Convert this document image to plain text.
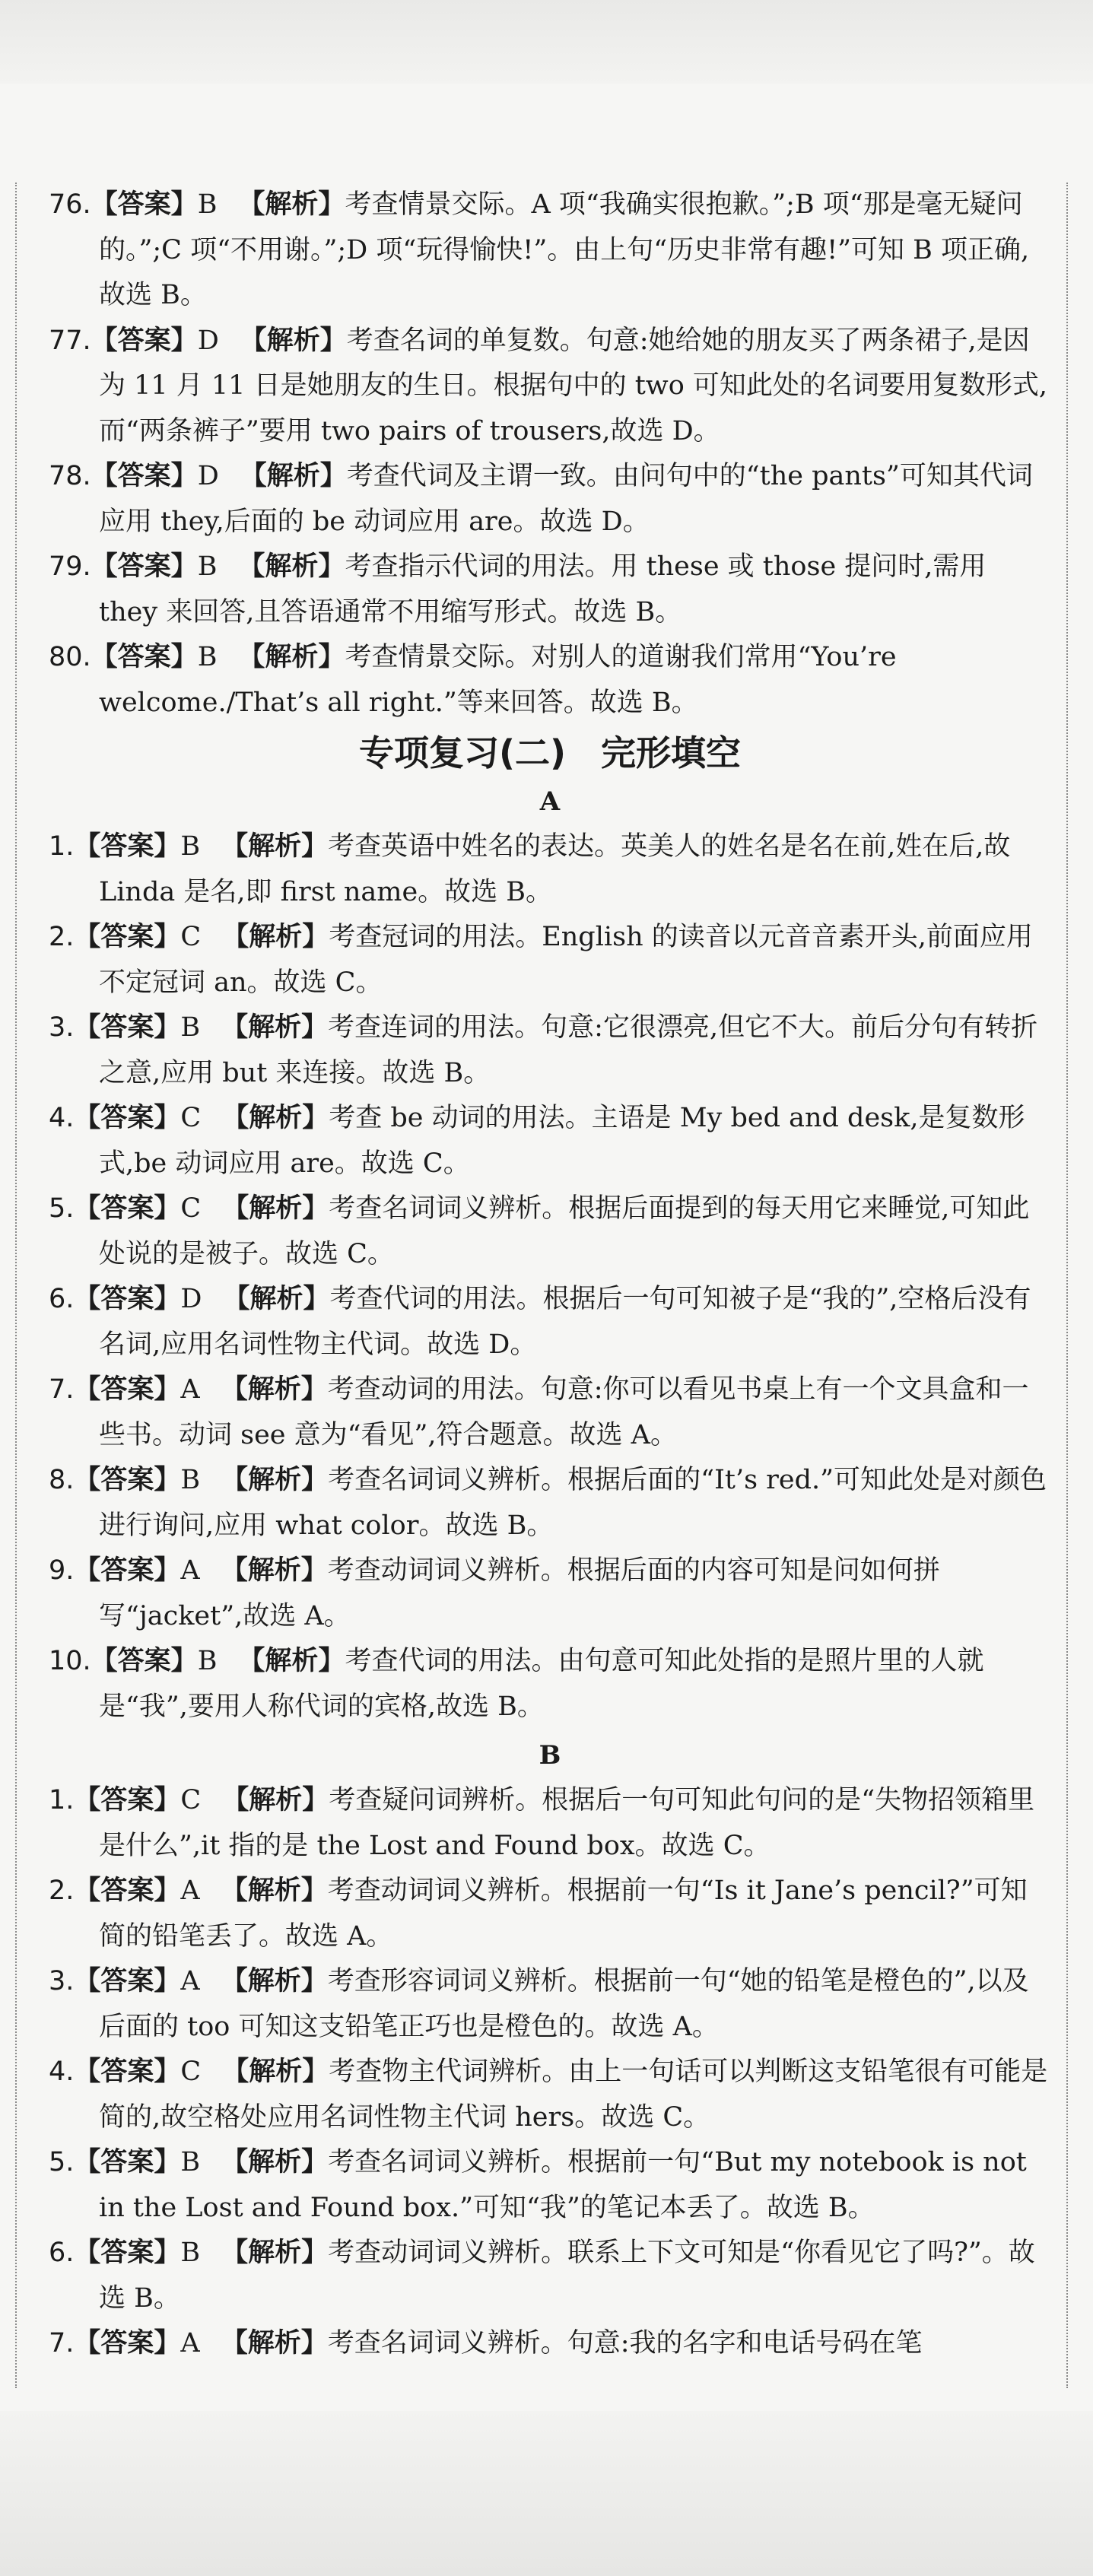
76.【答案】B 【解析】考查情景交际。A 项“我确实很抱歉。”;B 项“那是毫无疑问的。”;C 项“不用谢。”;D 项“玩得愉快!”。由上句“历史非常有趣!”可知 B 项正确,故选 B。
77.【答案】D 【解析】考查名词的单复数。句意:她给她的朋友买了两条裙子,是因为 11 月 11 日是她朋友的生日。根据句中的 two 可知此处的名词要用复数形式,而“两条裤子”要用 two pairs of trousers,故选 D。
78.【答案】D 【解析】考查代词及主谓一致。由问句中的“the pants”可知其代词应用 they,后面的 be 动词应用 are。故选 D。
79.【答案】B 【解析】考查指示代词的用法。用 these 或 those 提问时,需用 they 来回答,且答语通常不用缩写形式。故选 B。
80.【答案】B 【解析】考查情景交际。对别人的道谢我们常用“You’re welcome./That’s all right.”等来回答。故选 B。
专项复习(二)　完形填空
A
1.【答案】B 【解析】考查英语中姓名的表达。英美人的姓名是名在前,姓在后,故 Linda 是名,即 first name。故选 B。
2.【答案】C 【解析】考查冠词的用法。English 的读音以元音音素开头,前面应用不定冠词 an。故选 C。
3.【答案】B 【解析】考查连词的用法。句意:它很漂亮,但它不大。前后分句有转折之意,应用 but 来连接。故选 B。
4.【答案】C 【解析】考查 be 动词的用法。主语是 My bed and desk,是复数形式,be 动词应用 are。故选 C。
5.【答案】C 【解析】考查名词词义辨析。根据后面提到的每天用它来睡觉,可知此处说的是被子。故选 C。
6.【答案】D 【解析】考查代词的用法。根据后一句可知被子是“我的”,空格后没有名词,应用名词性物主代词。故选 D。
7.【答案】A 【解析】考查动词的用法。句意:你可以看见书桌上有一个文具盒和一些书。动词 see 意为“看见”,符合题意。故选 A。
8.【答案】B 【解析】考查名词词义辨析。根据后面的“It’s red.”可知此处是对颜色进行询问,应用 what color。故选 B。
9.【答案】A 【解析】考查动词词义辨析。根据后面的内容可知是问如何拼写“jacket”,故选 A。
10.【答案】B 【解析】考查代词的用法。由句意可知此处指的是照片里的人就是“我”,要用人称代词的宾格,故选 B。
B
1.【答案】C 【解析】考查疑问词辨析。根据后一句可知此句问的是“失物招领箱里是什么”,it 指的是 the Lost and Found box。故选 C。
2.【答案】A 【解析】考查动词词义辨析。根据前一句“Is it Jane’s pencil?”可知简的铅笔丢了。故选 A。
3.【答案】A 【解析】考查形容词词义辨析。根据前一句“她的铅笔是橙色的”,以及后面的 too 可知这支铅笔正巧也是橙色的。故选 A。
4.【答案】C 【解析】考查物主代词辨析。由上一句话可以判断这支铅笔很有可能是简的,故空格处应用名词性物主代词 hers。故选 C。
5.【答案】B 【解析】考查名词词义辨析。根据前一句“But my notebook is not in the Lost and Found box.”可知“我”的笔记本丢了。故选 B。
6.【答案】B 【解析】考查动词词义辨析。联系上下文可知是“你看见它了吗?”。故选 B。
7.【答案】A 【解析】考查名词词义辨析。句意:我的名字和电话号码在笔
